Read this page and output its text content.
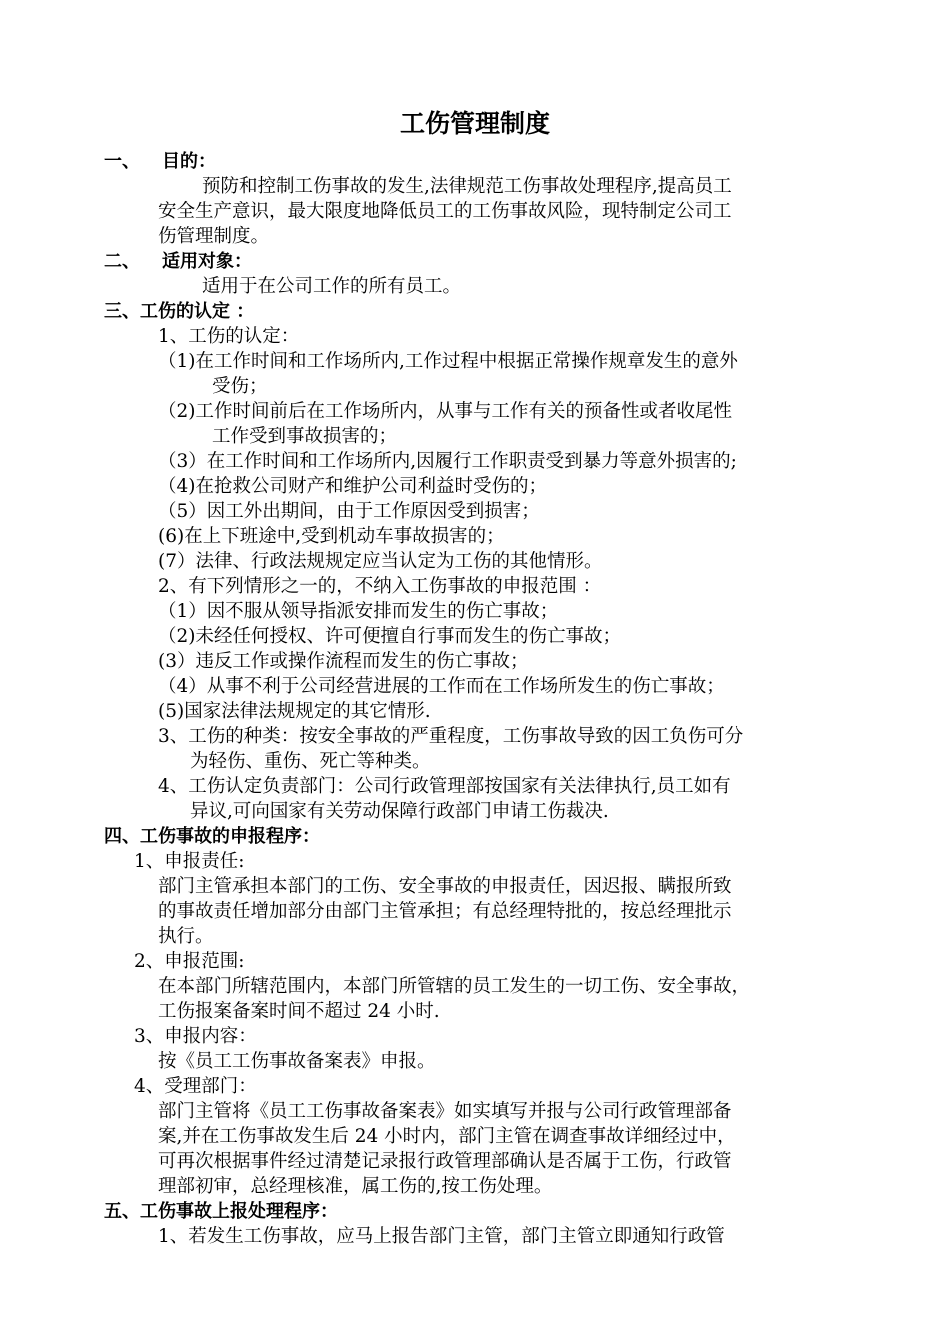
工伤管理制度
一、 目的：
预防和控制工伤事故的发生,法律规范工伤事故处理程序,提高员工
安全生产意识，最大限度地降低员工的工伤事故风险，现特制定公司工
伤管理制度。
二、 适用对象：
适用于在公司工作的所有员工。
三、工伤的认定 ：
1、工伤的认定：
（1)在工作时间和工作场所内,工作过程中根据正常操作规章发生的意外
受伤；
（2)工作时间前后在工作场所内，从事与工作有关的预备性或者收尾性
工作受到事故损害的；
（3）在工作时间和工作场所内,因履行工作职责受到暴力等意外损害的;
（4)在抢救公司财产和维护公司利益时受伤的；
（5）因工外出期间，由于工作原因受到损害；
(6)在上下班途中,受到机动车事故损害的；
(7）法律、行政法规规定应当认定为工伤的其他情形。
2、有下列情形之一的，不纳入工伤事故的申报范围 ：
（1）因不服从领导指派安排而发生的伤亡事故；
（2)未经任何授权、许可便擅自行事而发生的伤亡事故；
(3）违反工作或操作流程而发生的伤亡事故；
（4）从事不利于公司经营进展的工作而在工作场所发生的伤亡事故；
(5)国家法律法规规定的其它情形.
3、工伤的种类：按安全事故的严重程度，工伤事故导致的因工负伤可分
为轻伤、重伤、死亡等种类。
4、工伤认定负责部门：公司行政管理部按国家有关法律执行,员工如有
异议,可向国家有关劳动保障行政部门申请工伤裁决.
四、工伤事故的申报程序：
1、申报责任:
部门主管承担本部门的工伤、安全事故的申报责任，因迟报、瞒报所致
的事故责任增加部分由部门主管承担；有总经理特批的，按总经理批示
执行。
2、申报范围:
在本部门所辖范围内，本部门所管辖的员工发生的一切工伤、安全事故，
工伤报案备案时间不超过 24 小时.
3、申报内容：
按《员工工伤事故备案表》申报。
4、受理部门：
部门主管将《员工工伤事故备案表》如实填写并报与公司行政管理部备
案,并在工伤事故发生后 24 小时内，部门主管在调查事故详细经过中，
可再次根据事件经过清楚记录报行政管理部确认是否属于工伤，行政管
理部初审，总经理核准，属工伤的,按工伤处理。
五、工伤事故上报处理程序：
1、若发生工伤事故，应马上报告部门主管，部门主管立即通知行政管
